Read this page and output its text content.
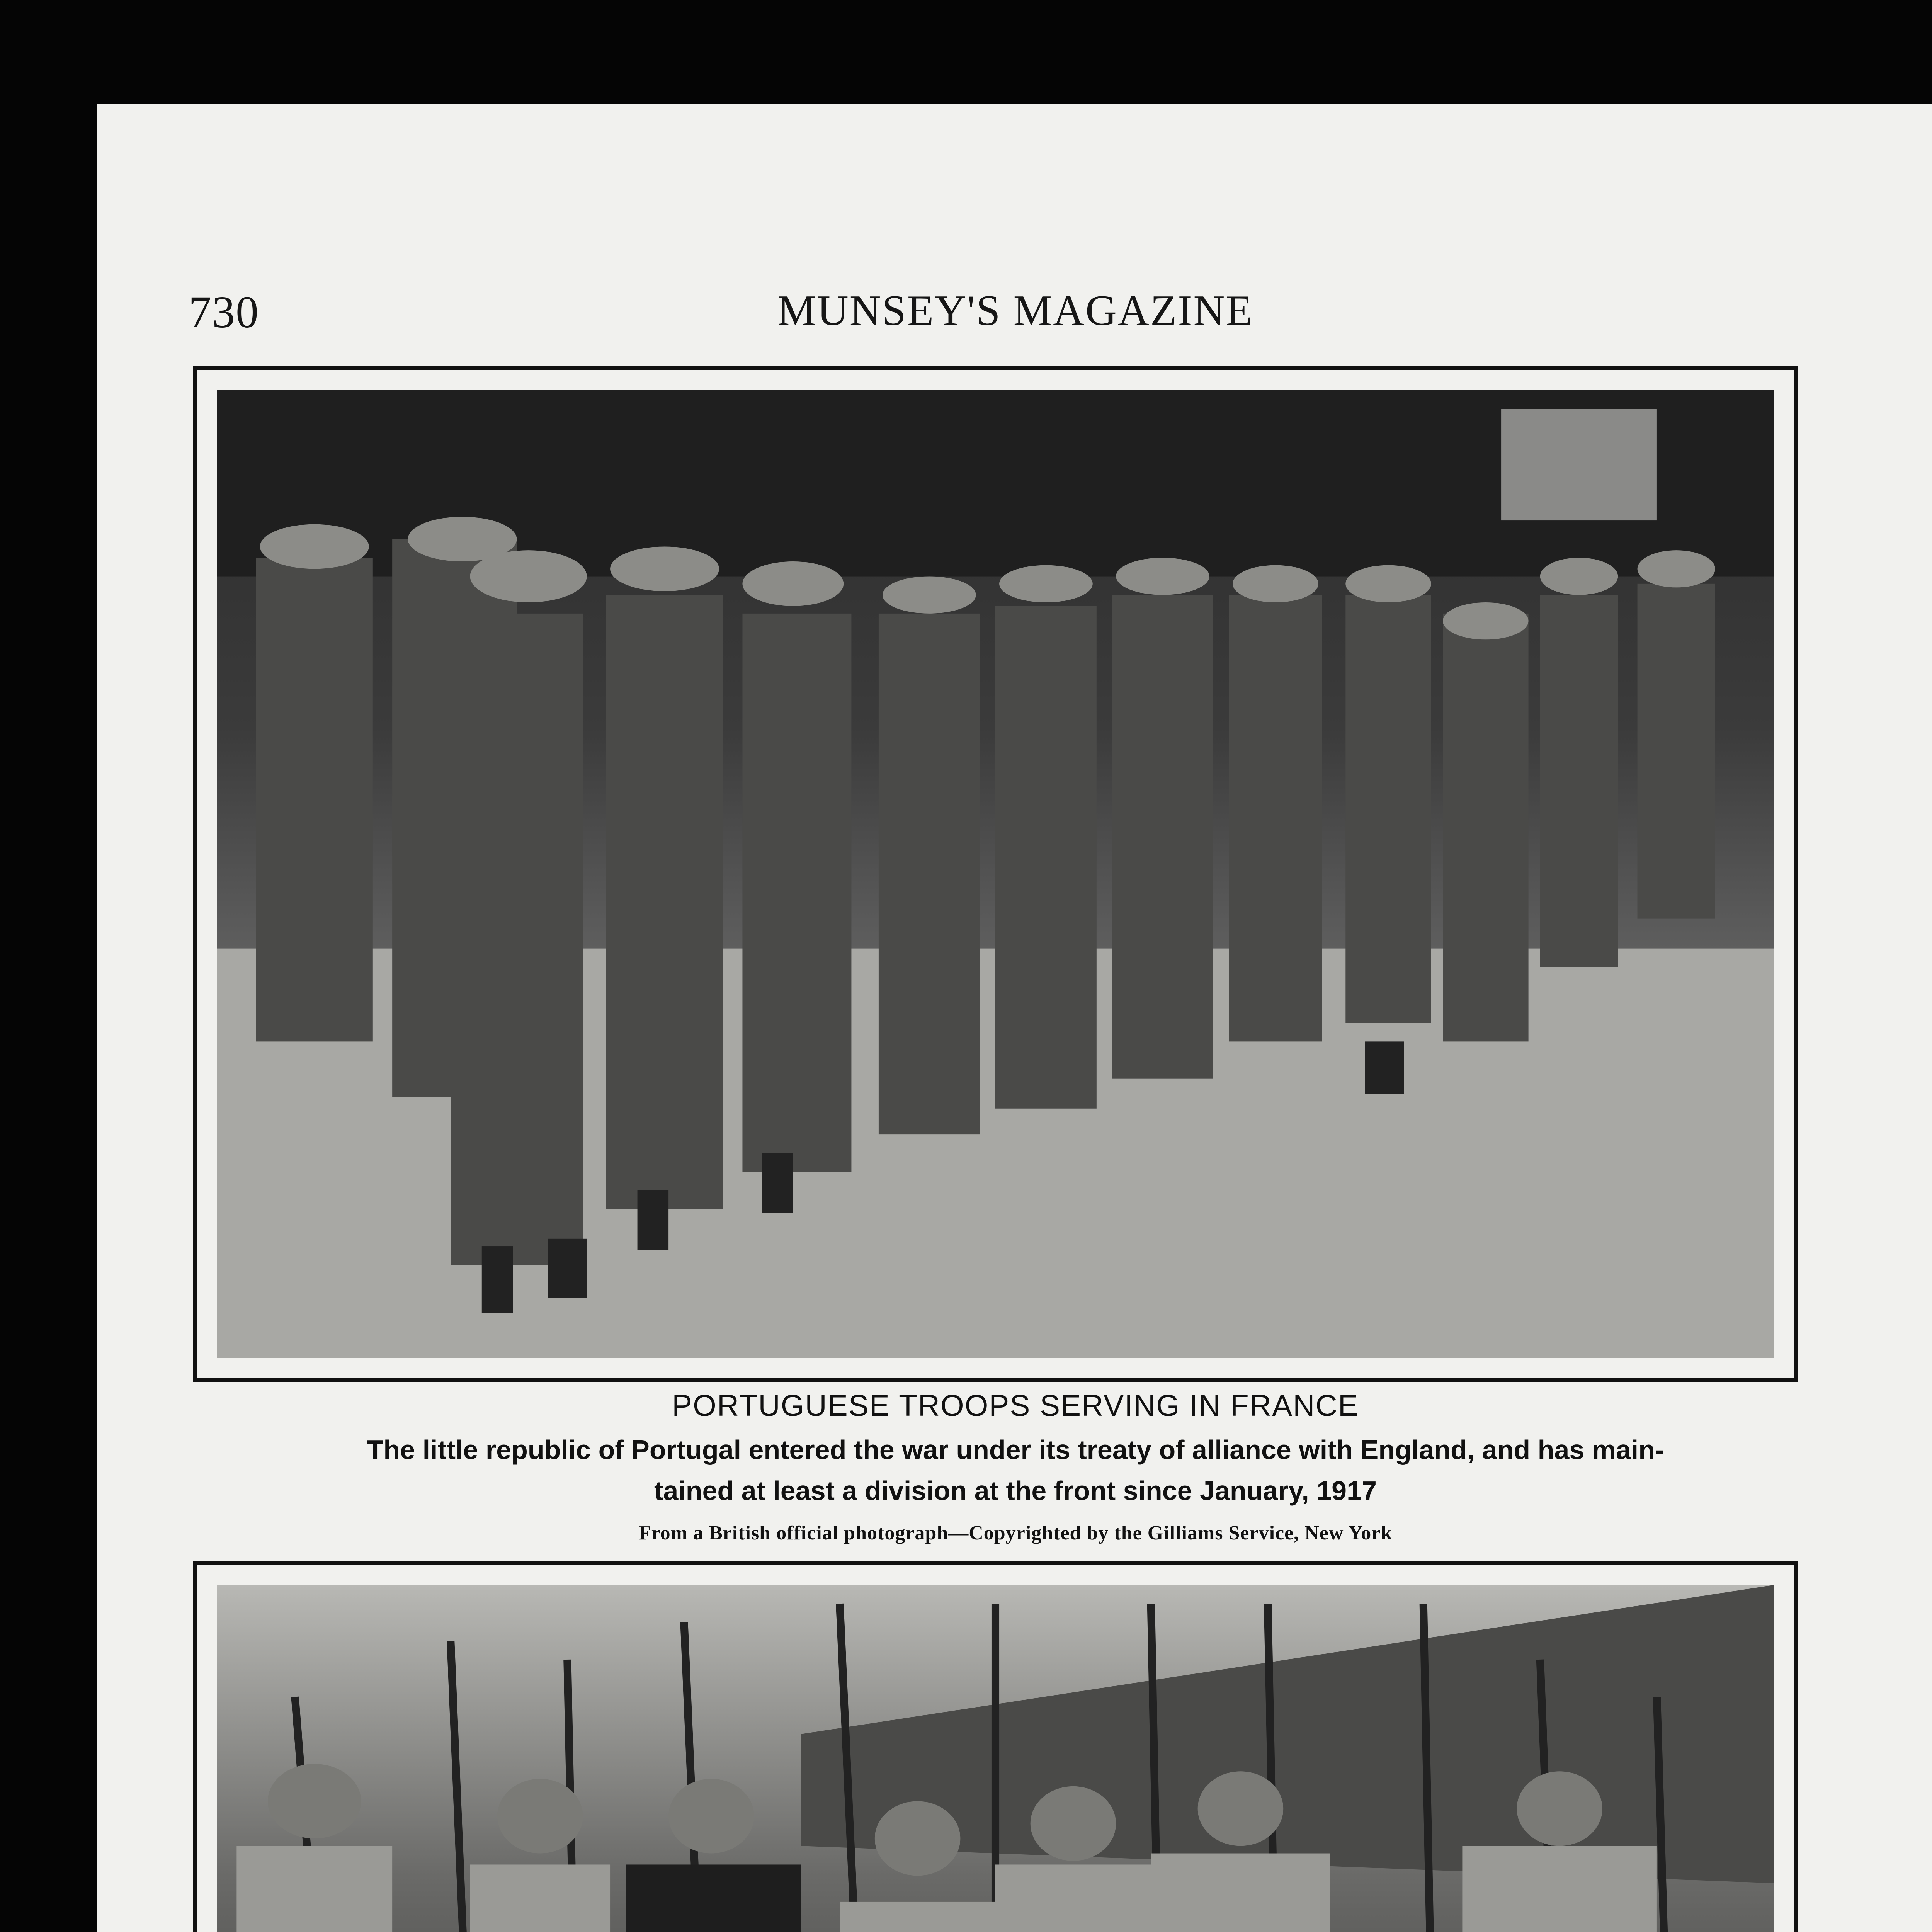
730	MUNSEY'S MAGAZINE
PORTUGUESE TROOPS SERVING IN FRANCE
The little republic of Portugal entered the war under its treaty of alliance with England, and has main-
tained at least a division at the front since January, 1917
From a British official photograph—Copyrighted by the Gilliams Service, New York
